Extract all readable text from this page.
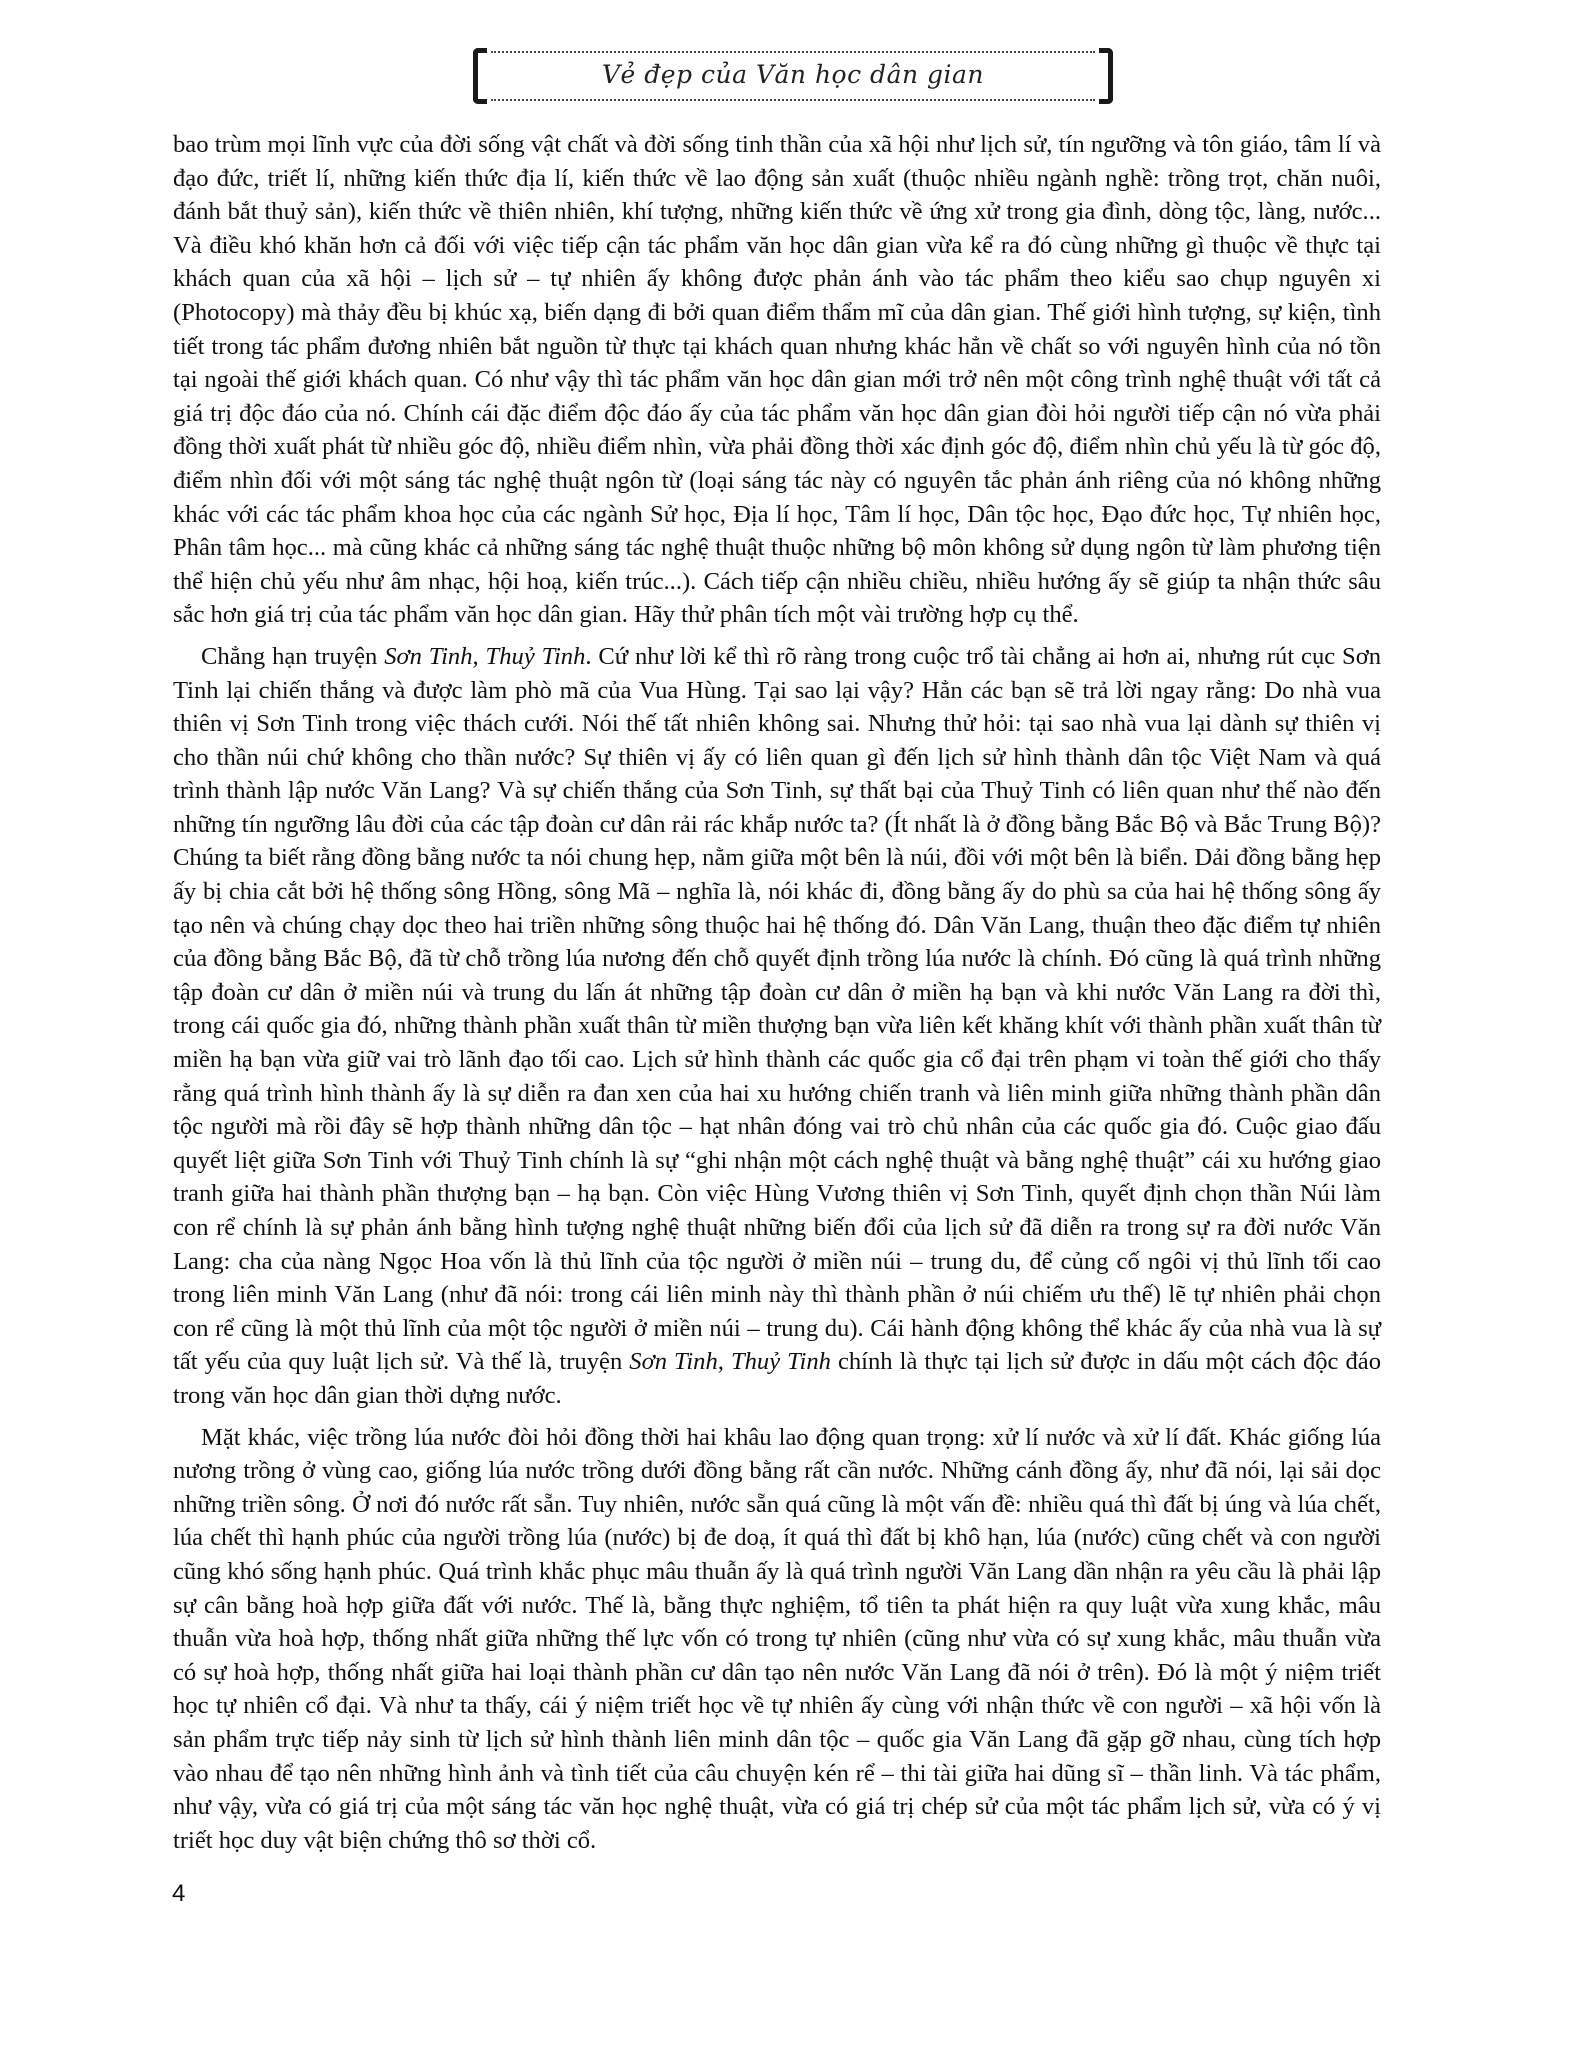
Vẻ đẹp của Văn học dân gian

bao trùm mọi lĩnh vực của đời sống vật chất và đời sống tinh thần của xã hội như lịch sử, tín ngưỡng và tôn giáo, tâm lí và đạo đức, triết lí, những kiến thức địa lí, kiến thức về lao động sản xuất (thuộc nhiều ngành nghề: trồng trọt, chăn nuôi, đánh bắt thuỷ sản), kiến thức về thiên nhiên, khí tượng, những kiến thức về ứng xử trong gia đình, dòng tộc, làng, nước... Và điều khó khăn hơn cả đối với việc tiếp cận tác phẩm văn học dân gian vừa kể ra đó cùng những gì thuộc về thực tại khách quan của xã hội – lịch sử – tự nhiên ấy không được phản ánh vào tác phẩm theo kiểu sao chụp nguyên xi (Photocopy) mà thảy đều bị khúc xạ, biến dạng đi bởi quan điểm thẩm mĩ của dân gian. Thế giới hình tượng, sự kiện, tình tiết trong tác phẩm đương nhiên bắt nguồn từ thực tại khách quan nhưng khác hẳn về chất so với nguyên hình của nó tồn tại ngoài thế giới khách quan. Có như vậy thì tác phẩm văn học dân gian mới trở nên một công trình nghệ thuật với tất cả giá trị độc đáo của nó. Chính cái đặc điểm độc đáo ấy của tác phẩm văn học dân gian đòi hỏi người tiếp cận nó vừa phải đồng thời xuất phát từ nhiều góc độ, nhiều điểm nhìn, vừa phải đồng thời xác định góc độ, điểm nhìn chủ yếu là từ góc độ, điểm nhìn đối với một sáng tác nghệ thuật ngôn từ (loại sáng tác này có nguyên tắc phản ánh riêng của nó không những khác với các tác phẩm khoa học của các ngành Sử học, Địa lí học, Tâm lí học, Dân tộc học, Đạo đức học, Tự nhiên học, Phân tâm học... mà cũng khác cả những sáng tác nghệ thuật thuộc những bộ môn không sử dụng ngôn từ làm phương tiện thể hiện chủ yếu như âm nhạc, hội hoạ, kiến trúc...). Cách tiếp cận nhiều chiều, nhiều hướng ấy sẽ giúp ta nhận thức sâu sắc hơn giá trị của tác phẩm văn học dân gian. Hãy thử phân tích một vài trường hợp cụ thể.

Chẳng hạn truyện Sơn Tinh, Thuỷ Tinh. Cứ như lời kể thì rõ ràng trong cuộc trổ tài chẳng ai hơn ai, nhưng rút cục Sơn Tinh lại chiến thắng và được làm phò mã của Vua Hùng. Tại sao lại vậy? Hẳn các bạn sẽ trả lời ngay rằng: Do nhà vua thiên vị Sơn Tinh trong việc thách cưới. Nói thế tất nhiên không sai. Nhưng thử hỏi: tại sao nhà vua lại dành sự thiên vị cho thần núi chứ không cho thần nước? Sự thiên vị ấy có liên quan gì đến lịch sử hình thành dân tộc Việt Nam và quá trình thành lập nước Văn Lang? Và sự chiến thắng của Sơn Tinh, sự thất bại của Thuỷ Tinh có liên quan như thế nào đến những tín ngưỡng lâu đời của các tập đoàn cư dân rải rác khắp nước ta? (Ít nhất là ở đồng bằng Bắc Bộ và Bắc Trung Bộ)? Chúng ta biết rằng đồng bằng nước ta nói chung hẹp, nằm giữa một bên là núi, đồi với một bên là biển. Dải đồng bằng hẹp ấy bị chia cắt bởi hệ thống sông Hồng, sông Mã – nghĩa là, nói khác đi, đồng bằng ấy do phù sa của hai hệ thống sông ấy tạo nên và chúng chạy dọc theo hai triền những sông thuộc hai hệ thống đó. Dân Văn Lang, thuận theo đặc điểm tự nhiên của đồng bằng Bắc Bộ, đã từ chỗ trồng lúa nương đến chỗ quyết định trồng lúa nước là chính. Đó cũng là quá trình những tập đoàn cư dân ở miền núi và trung du lấn át những tập đoàn cư dân ở miền hạ bạn và khi nước Văn Lang ra đời thì, trong cái quốc gia đó, những thành phần xuất thân từ miền thượng bạn vừa liên kết khăng khít với thành phần xuất thân từ miền hạ bạn vừa giữ vai trò lãnh đạo tối cao. Lịch sử hình thành các quốc gia cổ đại trên phạm vi toàn thế giới cho thấy rằng quá trình hình thành ấy là sự diễn ra đan xen của hai xu hướng chiến tranh và liên minh giữa những thành phần dân tộc người mà rồi đây sẽ hợp thành những dân tộc – hạt nhân đóng vai trò chủ nhân của các quốc gia đó. Cuộc giao đấu quyết liệt giữa Sơn Tinh với Thuỷ Tinh chính là sự “ghi nhận một cách nghệ thuật và bằng nghệ thuật” cái xu hướng giao tranh giữa hai thành phần thượng bạn – hạ bạn. Còn việc Hùng Vương thiên vị Sơn Tinh, quyết định chọn thần Núi làm con rể chính là sự phản ánh bằng hình tượng nghệ thuật những biến đổi của lịch sử đã diễn ra trong sự ra đời nước Văn Lang: cha của nàng Ngọc Hoa vốn là thủ lĩnh của tộc người ở miền núi – trung du, để củng cố ngôi vị thủ lĩnh tối cao trong liên minh Văn Lang (như đã nói: trong cái liên minh này thì thành phần ở núi chiếm ưu thế) lẽ tự nhiên phải chọn con rể cũng là một thủ lĩnh của một tộc người ở miền núi – trung du). Cái hành động không thể khác ấy của nhà vua là sự tất yếu của quy luật lịch sử. Và thế là, truyện Sơn Tinh, Thuỷ Tinh chính là thực tại lịch sử được in dấu một cách độc đáo trong văn học dân gian thời dựng nước.

Mặt khác, việc trồng lúa nước đòi hỏi đồng thời hai khâu lao động quan trọng: xử lí nước và xử lí đất. Khác giống lúa nương trồng ở vùng cao, giống lúa nước trồng dưới đồng bằng rất cần nước. Những cánh đồng ấy, như đã nói, lại sải dọc những triền sông. Ở nơi đó nước rất sẵn. Tuy nhiên, nước sẵn quá cũng là một vấn đề: nhiều quá thì đất bị úng và lúa chết, lúa chết thì hạnh phúc của người trồng lúa (nước) bị đe doạ, ít quá thì đất bị khô hạn, lúa (nước) cũng chết và con người cũng khó sống hạnh phúc. Quá trình khắc phục mâu thuẫn ấy là quá trình người Văn Lang dần nhận ra yêu cầu là phải lập sự cân bằng hoà hợp giữa đất với nước. Thế là, bằng thực nghiệm, tổ tiên ta phát hiện ra quy luật vừa xung khắc, mâu thuẫn vừa hoà hợp, thống nhất giữa những thế lực vốn có trong tự nhiên (cũng như vừa có sự xung khắc, mâu thuẫn vừa có sự hoà hợp, thống nhất giữa hai loại thành phần cư dân tạo nên nước Văn Lang đã nói ở trên). Đó là một ý niệm triết học tự nhiên cổ đại. Và như ta thấy, cái ý niệm triết học về tự nhiên ấy cùng với nhận thức về con người – xã hội vốn là sản phẩm trực tiếp nảy sinh từ lịch sử hình thành liên minh dân tộc – quốc gia Văn Lang đã gặp gỡ nhau, cùng tích hợp vào nhau để tạo nên những hình ảnh và tình tiết của câu chuyện kén rể – thi tài giữa hai dũng sĩ – thần linh. Và tác phẩm, như vậy, vừa có giá trị của một sáng tác văn học nghệ thuật, vừa có giá trị chép sử của một tác phẩm lịch sử, vừa có ý vị triết học duy vật biện chứng thô sơ thời cổ.

4
